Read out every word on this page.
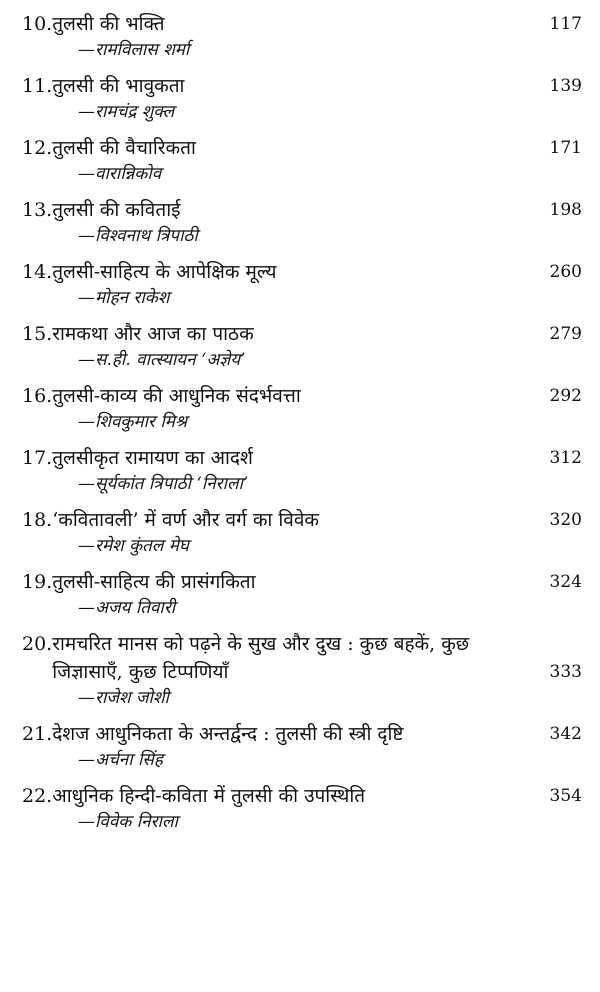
10. तुलसी की भक्ति	117
—रामविलास शर्मा
11. तुलसी की भावुकता	139
—रामचंद्र शुक्ल
12. तुलसी की वैचारिकता	171
—वारान्निकोव
13. तुलसी की कविताई	198
—विश्वनाथ त्रिपाठी
14. तुलसी-साहित्य के आपेक्षिक मूल्य	260
—मोहन राकेश
15. रामकथा और आज का पाठक	279
—स.ही. वात्स्यायन ‘अज्ञेय’
16. तुलसी-काव्य की आधुनिक संदर्भवत्ता	292
—शिवकुमार मिश्र
17. तुलसीकृत रामायण का आदर्श	312
—सूर्यकांत त्रिपाठी ‘निराला’
18. ‘कवितावली’ में वर्ण और वर्ग का विवेक	320
—रमेश कुंतल मेघ
19. तुलसी-साहित्य की प्रासंगकिता	324
—अजय तिवारी
20. रामचरित मानस को पढ़ने के सुख और दुख : कुछ बहकें, कुछ जिज्ञासाएँ, कुछ टिप्पणियाँ	333
—राजेश जोशी
21. देशज आधुनिकता के अन्तर्द्वन्द : तुलसी की स्त्री दृष्टि	342
—अर्चना सिंह
22. आधुनिक हिन्दी-कविता में तुलसी की उपस्थिति	354
—विवेक निराला
